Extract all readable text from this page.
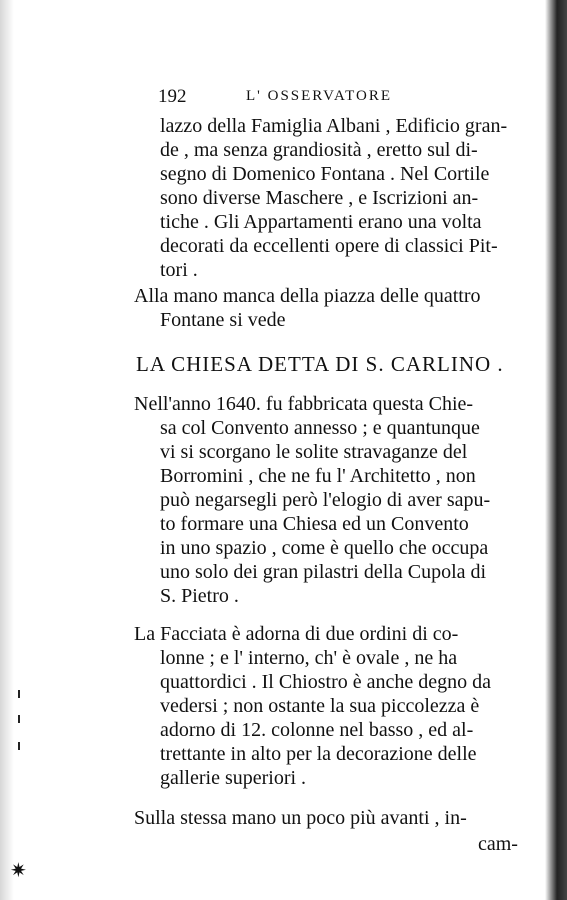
192	L' OSSERVATORE
lazzo della Famiglia Albani , Edificio gran-
de , ma senza grandiosità , eretto sul di-
segno di Domenico Fontana . Nel Cortile
sono diverse Maschere , e Iscrizioni an-
tiche . Gli Appartamenti erano una volta
decorati da eccellenti opere di classici Pit-
tori .
Alla mano manca della piazza delle quattro
Fontane si vede
LA CHIESA DETTA DI S. CARLINO .
Nell'anno 1640. fu fabbricata questa Chie-
sa col Convento annesso ; e quantunque
vi si scorgano le solite stravaganze del
Borromini , che ne fu l' Architetto , non
può negarsegli però l'elogio di aver sapu-
to formare una Chiesa ed un Convento
in uno spazio , come è quello che occupa
uno solo dei gran pilastri della Cupola di
S. Pietro .
La Facciata è adorna di due ordini di co-
lonne ; e l' interno, ch' è ovale , ne ha
quattordici . Il Chiostro è anche degno da
vedersi ; non ostante la sua piccolezza è
adorno di 12. colonne nel basso , ed al-
trettante in alto per la decorazione delle
gallerie superiori .
Sulla stessa mano un poco più avanti , in-
cam-
✷
